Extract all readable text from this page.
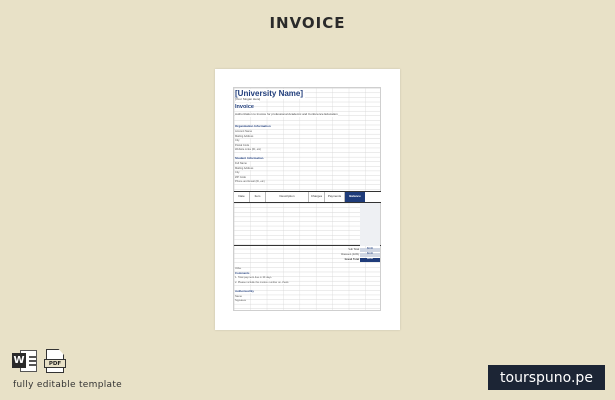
INVOICE
[University Name]
[Your Slogan Here]
Invoice
Authorization to Invoice for professional Academic and Conference Education
Organization Information
Account Name
Mailing Address
City
Postal Code
Website Links (ID, etc)
Student Information
Full Name
Mailing Address
City
ZIP Code
Phone and Email (ID, etc)
Date	Item	Description	Charges	Payments	Balance
Sub Total	$0.00
Discount (10%)	$0.00
Grand Total	$0.00
Other
Comments
1. Total payment due in 30 days
2. Please include the invoice number on check
Authorized By
Name
Signature
W	PDF
fully editable template	tourspuno.pe
